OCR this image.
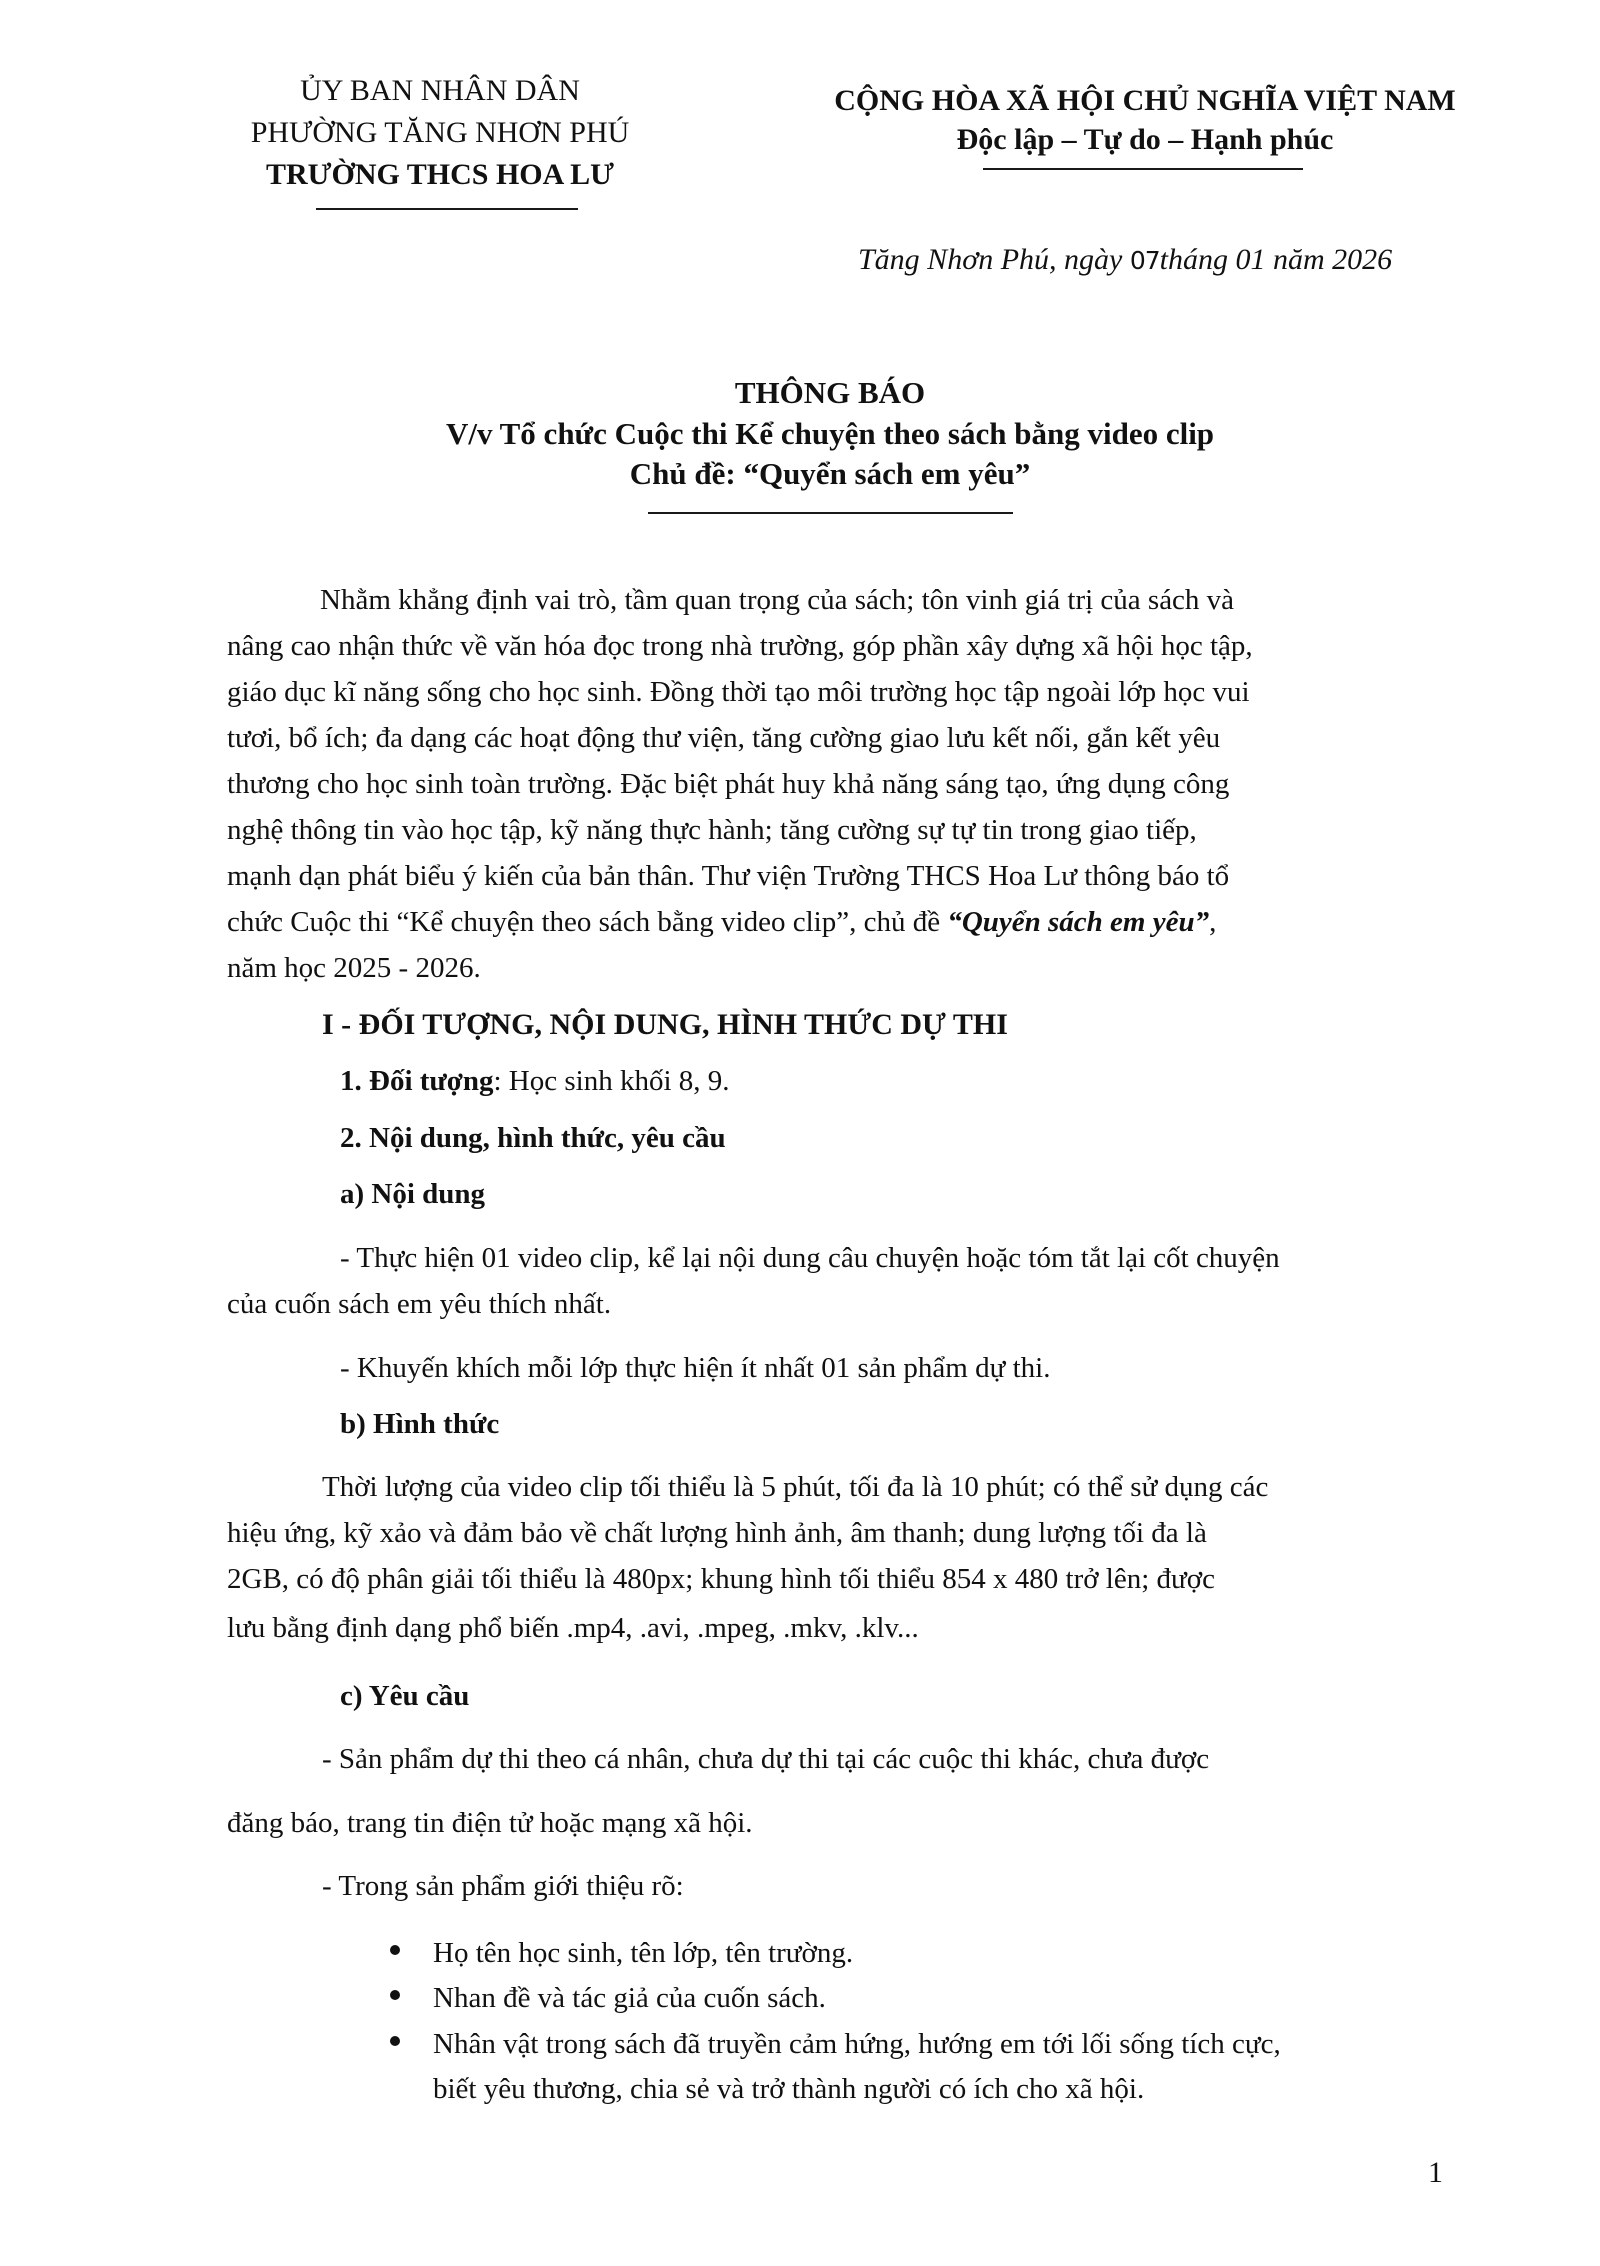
ỦY BAN NHÂN DÂN
PHƯỜNG TĂNG NHƠN PHÚ
TRƯỜNG THCS HOA LƯ
CỘNG HÒA XÃ HỘI CHỦ NGHĨA VIỆT NAM
Độc lập – Tự do – Hạnh phúc
Tăng Nhơn Phú, ngày 07tháng 01 năm 2026
THÔNG BÁO
V/v Tổ chức Cuộc thi Kể chuyện theo sách bằng video clip
Chủ đề: “Quyển sách em yêu”
Nhằm khẳng định vai trò, tầm quan trọng của sách; tôn vinh giá trị của sách và
nâng cao nhận thức về văn hóa đọc trong nhà trường, góp phần xây dựng xã hội học tập,
giáo dục kĩ năng sống cho học sinh. Đồng thời tạo môi trường học tập ngoài lớp học vui
tươi, bổ ích; đa dạng các hoạt động thư viện, tăng cường giao lưu kết nối, gắn kết yêu
thương cho học sinh toàn trường. Đặc biệt phát huy khả năng sáng tạo, ứng dụng công
nghệ thông tin vào học tập, kỹ năng thực hành; tăng cường sự tự tin trong giao tiếp,
mạnh dạn phát biểu ý kiến của bản thân. Thư viện Trường THCS Hoa Lư thông báo tổ
chức Cuộc thi “Kể chuyện theo sách bằng video clip”, chủ đề “Quyển sách em yêu”,
năm học 2025 - 2026.
I - ĐỐI TƯỢNG, NỘI DUNG, HÌNH THỨC DỰ THI
1. Đối tượng: Học sinh khối 8, 9.
2. Nội dung, hình thức, yêu cầu
a) Nội dung
- Thực hiện 01 video clip, kể lại nội dung câu chuyện hoặc tóm tắt lại cốt chuyện
của cuốn sách em yêu thích nhất.
- Khuyến khích mỗi lớp thực hiện ít nhất 01 sản phẩm dự thi.
b) Hình thức
Thời lượng của video clip tối thiểu là 5 phút, tối đa là 10 phút; có thể sử dụng các
hiệu ứng, kỹ xảo và đảm bảo về chất lượng hình ảnh, âm thanh; dung lượng tối đa là
2GB, có độ phân giải tối thiểu là 480px; khung hình tối thiểu 854 x 480 trở lên; được
lưu bằng định dạng phổ biến .mp4, .avi, .mpeg, .mkv, .klv...
c) Yêu cầu
- Sản phẩm dự thi theo cá nhân, chưa dự thi tại các cuộc thi khác, chưa được
đăng báo, trang tin điện tử hoặc mạng xã hội.
- Trong sản phẩm giới thiệu rõ:
Họ tên học sinh, tên lớp, tên trường.
Nhan đề và tác giả của cuốn sách.
Nhân vật trong sách đã truyền cảm hứng, hướng em tới lối sống tích cực,
biết yêu thương, chia sẻ và trở thành người có ích cho xã hội.
1
